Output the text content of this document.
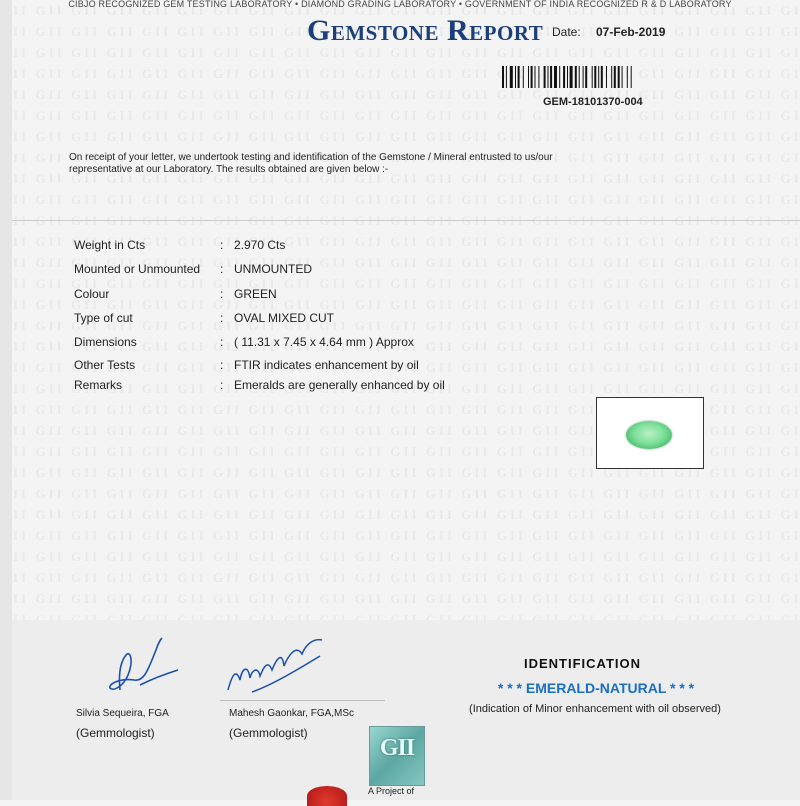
CIBJO RECOGNIZED GEM TESTING LABORATORY • DIAMOND GRADING LABORATORY • GOVERNMENT OF INDIA RECOGNIZED R & D LABORATORY
Gemstone Report Date: 07-Feb-2019
GEM-18101370-004
On receipt of your letter, we undertook testing and identification of the Gemstone / Mineral entrusted to us/our representative at our Laboratory. The results obtained are given below :-
Weight in Cts	: 2.970 Cts
Mounted or Unmounted : UNMOUNTED
Colour	: GREEN
Type of cut	: OVAL MIXED CUT
Dimensions	: ( 11.31 x 7.45 x 4.64 mm ) Approx
Other Tests	: FTIR indicates enhancement by oil
Remarks	: Emeralds are generally enhanced by oil
Silvia Sequeira, FGA
(Gemmologist)
Mahesh Gaonkar, FGA,MSc
(Gemmologist)
IDENTIFICATION
* * * EMERALD-NATURAL * * *
(Indication of Minor enhancement with oil observed)
GII
A Project of
